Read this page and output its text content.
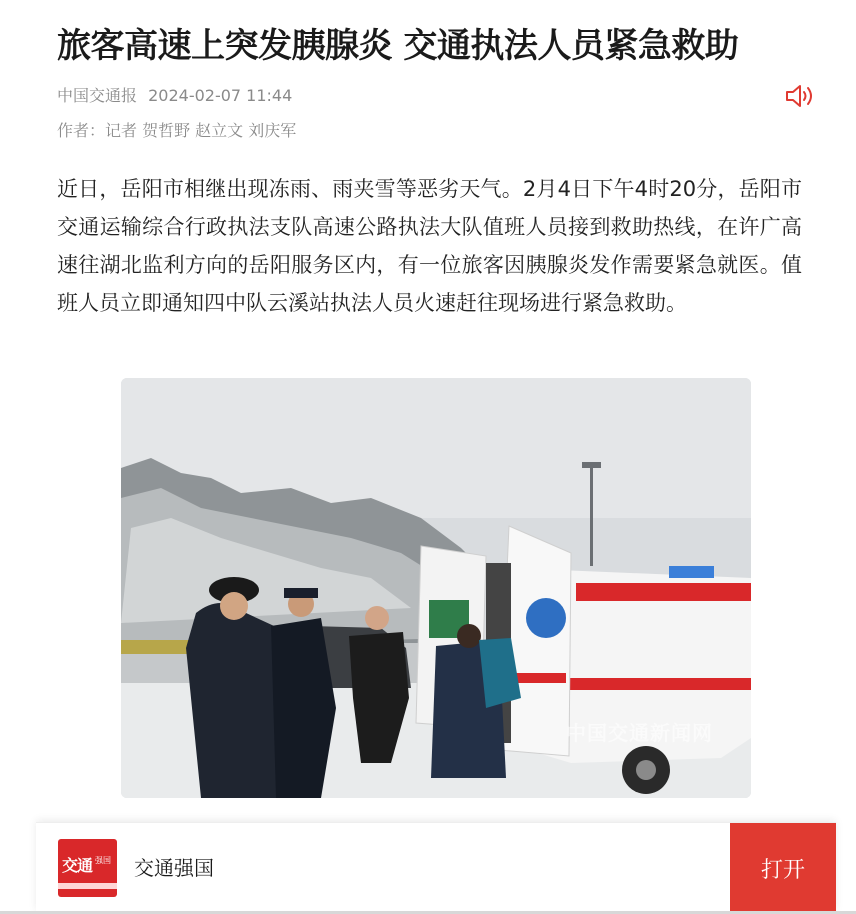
旅客高速上突发胰腺炎 交通执法人员紧急救助
中国交通报 2024-02-07 11:44
作者：记者 贺哲野 赵立文 刘庆军

近日，岳阳市相继出现冻雨、雨夹雪等恶劣天气。2月4日下午4时20分，岳阳市交通运输综合行政执法支队高速公路执法大队值班人员接到救助热线，在许广高速往湖北监利方向的岳阳服务区内，有一位旅客因胰腺炎发作需要紧急就医。值班人员立即通知四中队云溪站执法人员火速赶往现场进行紧急救助。

中国交通新闻网
交通 强国 交通强国	打开
